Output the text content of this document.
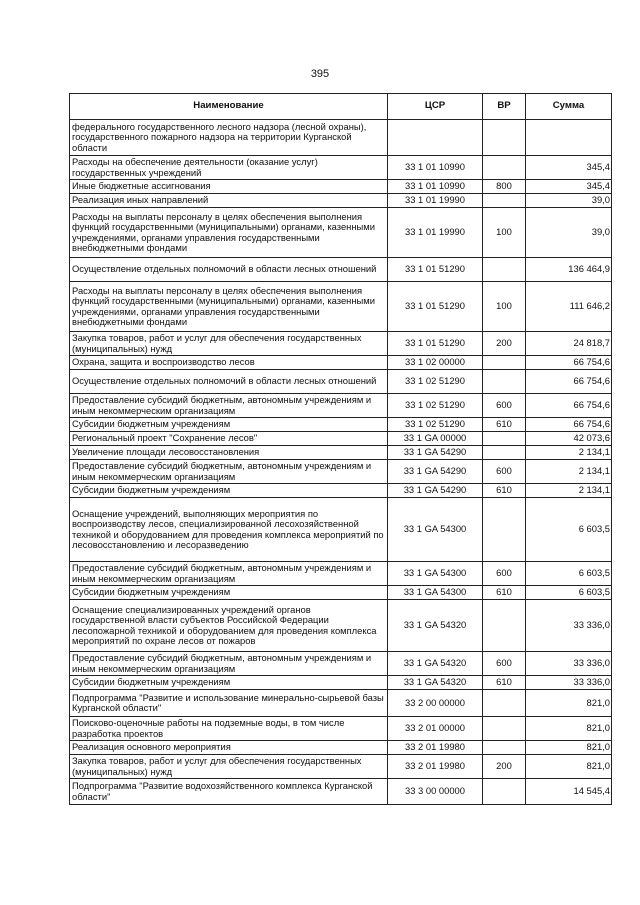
395
Наименование	ЦСР	ВР	Сумма
федерального государственного лесного надзора (лесной охраны), государственного пожарного надзора на территории Курганской области			
Расходы на обеспечение деятельности (оказание услуг) государственных учреждений	33 1 01 10990		345,4
Иные бюджетные ассигнования	33 1 01 10990	800	345,4
Реализация иных направлений	33 1 01 19990		39,0
Расходы на выплаты персоналу в целях обеспечения выполнения функций государственными (муниципальными) органами, казенными учреждениями, органами управления государственными внебюджетными фондами	33 1 01 19990	100	39,0
Осуществление отдельных полномочий в области лесных отношений	33 1 01 51290		136 464,9
Расходы на выплаты персоналу в целях обеспечения выполнения функций государственными (муниципальными) органами, казенными учреждениями, органами управления государственными внебюджетными фондами	33 1 01 51290	100	111 646,2
Закупка товаров, работ и услуг для обеспечения государственных (муниципальных) нужд	33 1 01 51290	200	24 818,7
Охрана, защита и воспроизводство лесов	33 1 02 00000		66 754,6
Осуществление отдельных полномочий в области лесных отношений	33 1 02 51290		66 754,6
Предоставление субсидий бюджетным, автономным учреждениям и иным некоммерческим организациям	33 1 02 51290	600	66 754,6
Субсидии бюджетным учреждениям	33 1 02 51290	610	66 754,6
Региональный проект "Сохранение лесов"	33 1 GA 00000		42 073,6
Увеличение площади лесовосстановления	33 1 GA 54290		2 134,1
Предоставление субсидий бюджетным, автономным учреждениям и иным некоммерческим организациям	33 1 GA 54290	600	2 134,1
Субсидии бюджетным учреждениям	33 1 GA 54290	610	2 134,1
Оснащение учреждений, выполняющих мероприятия по воспроизводству лесов, специализированной лесохозяйственной техникой и оборудованием для проведения комплекса мероприятий по лесовосстановлению и лесоразведению	33 1 GA 54300		6 603,5
Предоставление субсидий бюджетным, автономным учреждениям и иным некоммерческим организациям	33 1 GA 54300	600	6 603,5
Субсидии бюджетным учреждениям	33 1 GA 54300	610	6 603,5
Оснащение специализированных учреждений органов государственной власти субъектов Российской Федерации лесопожарной техникой и оборудованием для проведения комплекса мероприятий по охране лесов от пожаров	33 1 GA 54320		33 336,0
Предоставление субсидий бюджетным, автономным учреждениям и иным некоммерческим организациям	33 1 GA 54320	600	33 336,0
Субсидии бюджетным учреждениям	33 1 GA 54320	610	33 336,0
Подпрограмма "Развитие и использование минерально-сырьевой базы Курганской области"	33 2 00 00000		821,0
Поисково-оценочные работы на подземные воды, в том числе разработка проектов	33 2 01 00000		821,0
Реализация основного мероприятия	33 2 01 19980		821,0
Закупка товаров, работ и услуг для обеспечения государственных (муниципальных) нужд	33 2 01 19980	200	821,0
Подпрограмма "Развитие водохозяйственного комплекса Курганской области"	33 3 00 00000		14 545,4
